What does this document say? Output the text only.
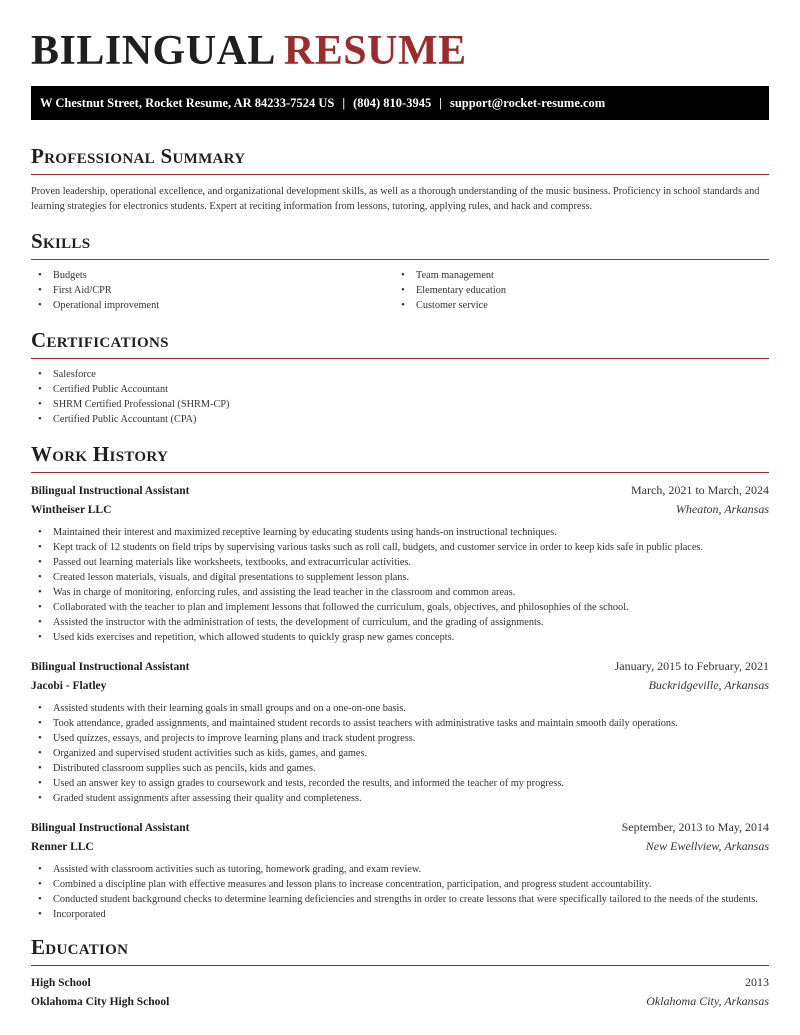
BILINGUAL RESUME
W Chestnut Street, Rocket Resume, AR 84233-7524 US | (804) 810-3945 | support@rocket-resume.com
Professional Summary

Proven leadership, operational excellence, and organizational development skills, as well as a thorough understanding of the music business. Proficiency in school standards and learning strategies for electronics students. Expert at reciting information from lessons, tutoring, applying rules, and hack and compress.

Skills
• Budgets
• First Aid/CPR
• Operational improvement
• Team management
• Elementary education
• Customer service
Certifications
• Salesforce
• Certified Public Accountant
• SHRM Certified Professional (SHRM-CP)
• Certified Public Accountant (CPA)
Work History
Bilingual Instructional Assistant	March, 2021 to March, 2024
Wintheiser LLC	Wheaton, Arkansas
• Maintained their interest and maximized receptive learning by educating students using hands-on instructional techniques.
• Kept track of 12 students on field trips by supervising various tasks such as roll call, budgets, and customer service in order to keep kids safe in public places.
• Passed out learning materials like worksheets, textbooks, and extracurricular activities.
• Created lesson materials, visuals, and digital presentations to supplement lesson plans.
• Was in charge of monitoring, enforcing rules, and assisting the lead teacher in the classroom and common areas.
• Collaborated with the teacher to plan and implement lessons that followed the curriculum, goals, objectives, and philosophies of the school.
• Assisted the instructor with the administration of tests, the development of curriculum, and the grading of assignments.
• Used kids exercises and repetition, which allowed students to quickly grasp new games concepts.
Bilingual Instructional Assistant	January, 2015 to February, 2021
Jacobi - Flatley	Buckridgeville, Arkansas
• Assisted students with their learning goals in small groups and on a one-on-one basis.
• Took attendance, graded assignments, and maintained student records to assist teachers with administrative tasks and maintain smooth daily operations.
• Used quizzes, essays, and projects to improve learning plans and track student progress.
• Organized and supervised student activities such as kids, games, and games.
• Distributed classroom supplies such as pencils, kids and games.
• Used an answer key to assign grades to coursework and tests, recorded the results, and informed the teacher of my progress.
• Graded student assignments after assessing their quality and completeness.
Bilingual Instructional Assistant	September, 2013 to May, 2014
Renner LLC	New Ewellview, Arkansas
• Assisted with classroom activities such as tutoring, homework grading, and exam review.
• Combined a discipline plan with effective measures and lesson plans to increase concentration, participation, and progress student accountability.
• Conducted student background checks to determine learning deficiencies and strengths in order to create lessons that were specifically tailored to the needs of the students.
• Incorporated
Education
High School	2013
Oklahoma City High School	Oklahoma City, Arkansas
